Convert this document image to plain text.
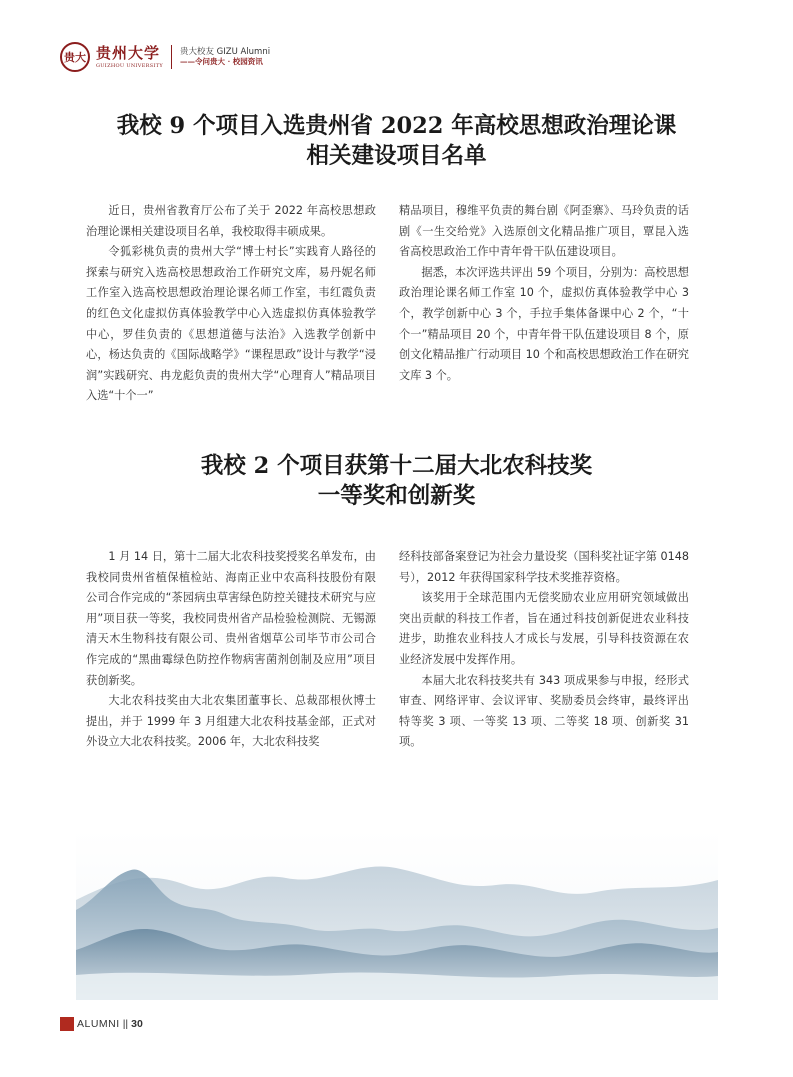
贵大 贵州大学
GUIZHOU UNIVERSITY
贵大校友 GIZU Alumni
——令问贵大 · 校园资讯
我校 9 个项目入选贵州省 2022 年高校思想政治理论课
相关建设项目名单

近日，贵州省教育厅公布了关于 2022 年高校思想政治理论课相关建设项目名单，我校取得丰硕成果。

令狐彩桃负责的贵州大学“博士村长”实践育人路径的探索与研究入选高校思想政治工作研究文库，易丹妮名师工作室入选高校思想政治理论课名师工作室，韦红霞负责的红色文化虚拟仿真体验教学中心入选虚拟仿真体验教学中心，罗佳负责的《思想道德与法治》入选教学创新中心，杨达负责的《国际战略学》“课程思政”设计与教学“浸润”实践研究、冉龙彪负责的贵州大学“心理育人”精品项目入选“十个一”

精品项目，穆维平负责的舞台剧《阿歪寨》、马玲负责的话剧《一生交给党》入选原创文化精品推广项目，覃昆入选省高校思政治工作中青年骨干队伍建设项目。

据悉，本次评选共评出 59 个项目，分别为：高校思想政治理论课名师工作室 10 个，虚拟仿真体验教学中心 3 个，教学创新中心 3 个，手拉手集体备课中心 2 个，“十个一”精品项目 20 个，中青年骨干队伍建设项目 8 个，原创文化精品推广行动项目 10 个和高校思想政治工作在研究文库 3 个。

我校 2 个项目获第十二届大北农科技奖
一等奖和创新奖

1 月 14 日，第十二届大北农科技奖授奖名单发布，由我校同贵州省植保植检站、海南正业中农高科技股份有限公司合作完成的“茶园病虫草害绿色防控关键技术研究与应用”项目获一等奖，我校同贵州省产品检验检测院、无锡源清天木生物科技有限公司、贵州省烟草公司毕节市公司合作完成的“黑曲霉绿色防控作物病害菌剂创制及应用”项目获创新奖。

大北农科技奖由大北农集团董事长、总裁邵根伙博士提出，并于 1999 年 3 月组建大北农科技基金部，正式对外设立大北农科技奖。2006 年，大北农科技奖

经科技部备案登记为社会力量设奖（国科奖社证字第 0148 号），2012 年获得国家科学技术奖推荐资格。

该奖用于全球范围内无偿奖励农业应用研究领域做出突出贡献的科技工作者，旨在通过科技创新促进农业科技进步，助推农业科技人才成长与发展，引导科技资源在农业经济发展中发挥作用。

本届大北农科技奖共有 343 项成果参与申报，经形式审查、网络评审、会议评审、奖励委员会终审，最终评出特等奖 3 项、一等奖 13 项、二等奖 18 项、创新奖 31 项。

ALUMNI || 30
